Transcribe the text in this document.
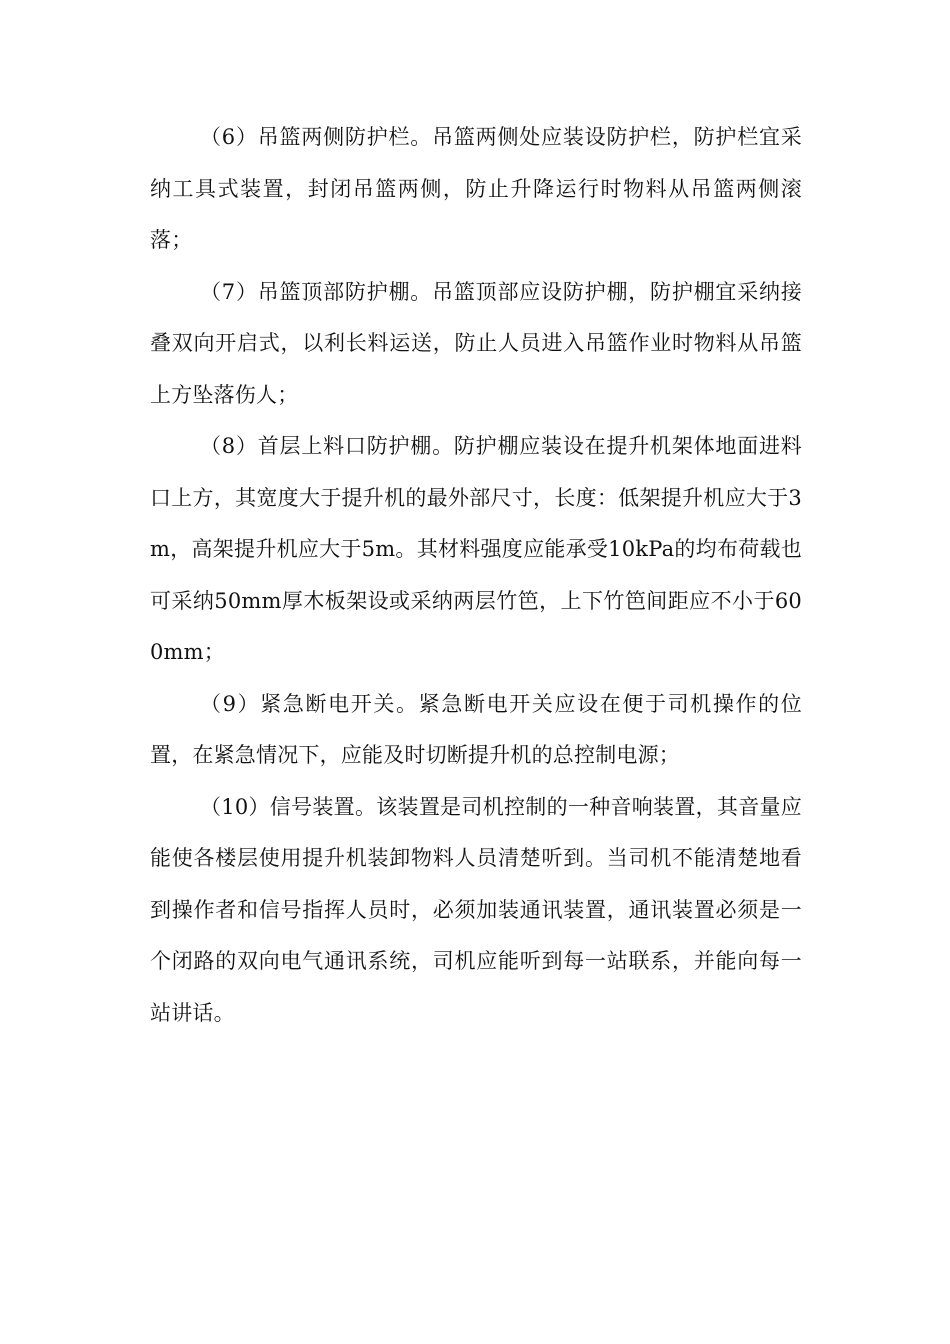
（6）吊篮两侧防护栏。吊篮两侧处应装设防护栏，防护栏宜采纳工具式装置，封闭吊篮两侧，防止升降运行时物料从吊篮两侧滚落；

（7）吊篮顶部防护棚。吊篮顶部应设防护棚，防护棚宜采纳接叠双向开启式，以利长料运送，防止人员进入吊篮作业时物料从吊篮上方坠落伤人；

（8）首层上料口防护棚。防护棚应装设在提升机架体地面进料口上方，其宽度大于提升机的最外部尺寸，长度：低架提升机应大于3m，高架提升机应大于5m。其材料强度应能承受10kPa的均布荷载也可采纳50mm厚木板架设或采纳两层竹笆，上下竹笆间距应不小于600mm；

（9）紧急断电开关。紧急断电开关应设在便于司机操作的位置，在紧急情况下，应能及时切断提升机的总控制电源；

（10）信号装置。该装置是司机控制的一种音响装置，其音量应能使各楼层使用提升机装卸物料人员清楚听到。当司机不能清楚地看到操作者和信号指挥人员时，必须加装通讯装置，通讯装置必须是一个闭路的双向电气通讯系统，司机应能听到每一站联系，并能向每一站讲话。
